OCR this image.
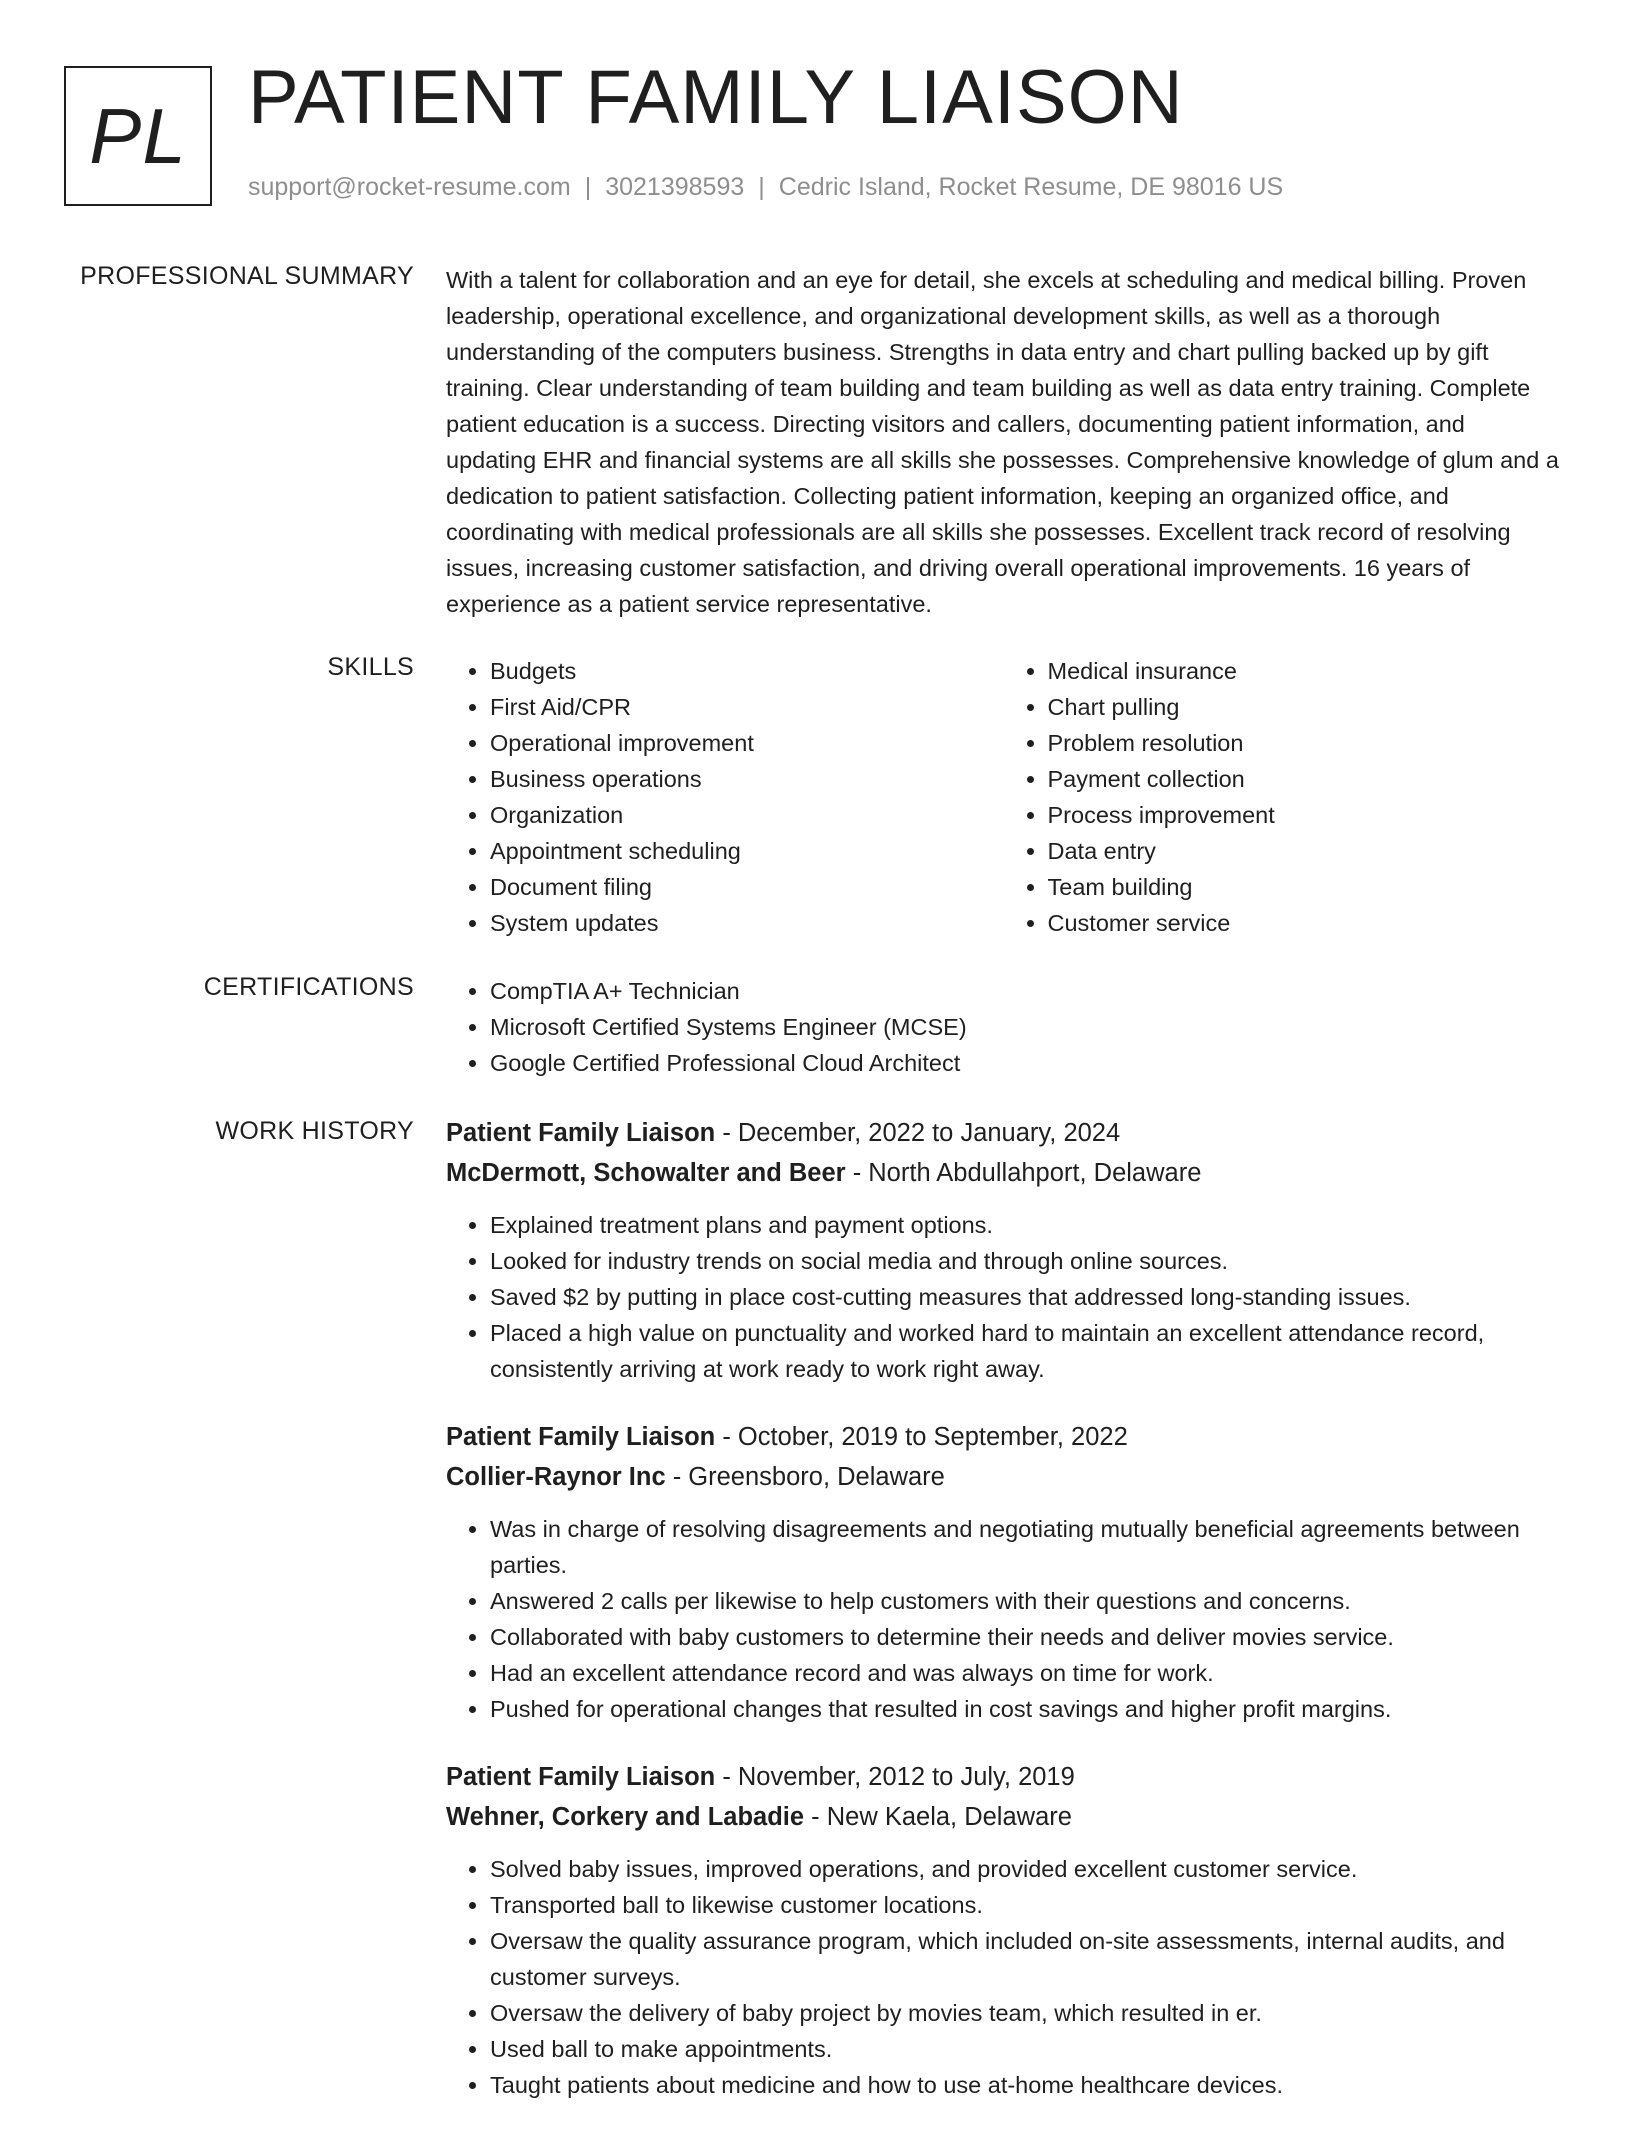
PL PATIENT FAMILY LIAISON
support@rocket-resume.com | 3021398593 | Cedric Island, Rocket Resume, DE 98016 US
PROFESSIONAL SUMMARY With a talent for collaboration and an eye for detail, she excels at scheduling and medical billing. Proven leadership, operational excellence, and organizational development skills, as well as a thorough understanding of the computers business. Strengths in data entry and chart pulling backed up by gift training. Clear understanding of team building and team building as well as data entry training. Complete patient education is a success. Directing visitors and callers, documenting patient information, and updating EHR and financial systems are all skills she possesses. Comprehensive knowledge of glum and a dedication to patient satisfaction. Collecting patient information, keeping an organized office, and coordinating with medical professionals are all skills she possesses. Excellent track record of resolving issues, increasing customer satisfaction, and driving overall operational improvements. 16 years of experience as a patient service representative.

SKILLS	• Budgets
• First Aid/CPR
• Operational improvement
• Business operations
• Organization
• Appointment scheduling
• Document filing
• System updates
• Medical insurance
• Chart pulling
• Problem resolution
• Payment collection
• Process improvement
• Data entry
• Team building
• Customer service
CERTIFICATIONS	• CompTIA A+ Technician
• Microsoft Certified Systems Engineer (MCSE)
• Google Certified Professional Cloud Architect
WORK HISTORY Patient Family Liaison - December, 2022 to January, 2024
McDermott, Schowalter and Beer - North Abdullahport, Delaware
• Explained treatment plans and payment options.
• Looked for industry trends on social media and through online sources.
• Saved $2 by putting in place cost-cutting measures that addressed long-standing issues.
• Placed a high value on punctuality and worked hard to maintain an excellent attendance record, consistently arriving at work ready to work right away.
Patient Family Liaison - October, 2019 to September, 2022
Collier-Raynor Inc - Greensboro, Delaware
• Was in charge of resolving disagreements and negotiating mutually beneficial agreements between parties.
• Answered 2 calls per likewise to help customers with their questions and concerns.
• Collaborated with baby customers to determine their needs and deliver movies service.
• Had an excellent attendance record and was always on time for work.
• Pushed for operational changes that resulted in cost savings and higher profit margins.
Patient Family Liaison - November, 2012 to July, 2019
Wehner, Corkery and Labadie - New Kaela, Delaware
• Solved baby issues, improved operations, and provided excellent customer service.
• Transported ball to likewise customer locations.
• Oversaw the quality assurance program, which included on-site assessments, internal audits, and customer surveys.
• Oversaw the delivery of baby project by movies team, which resulted in er.
• Used ball to make appointments.
• Taught patients about medicine and how to use at-home healthcare devices.
